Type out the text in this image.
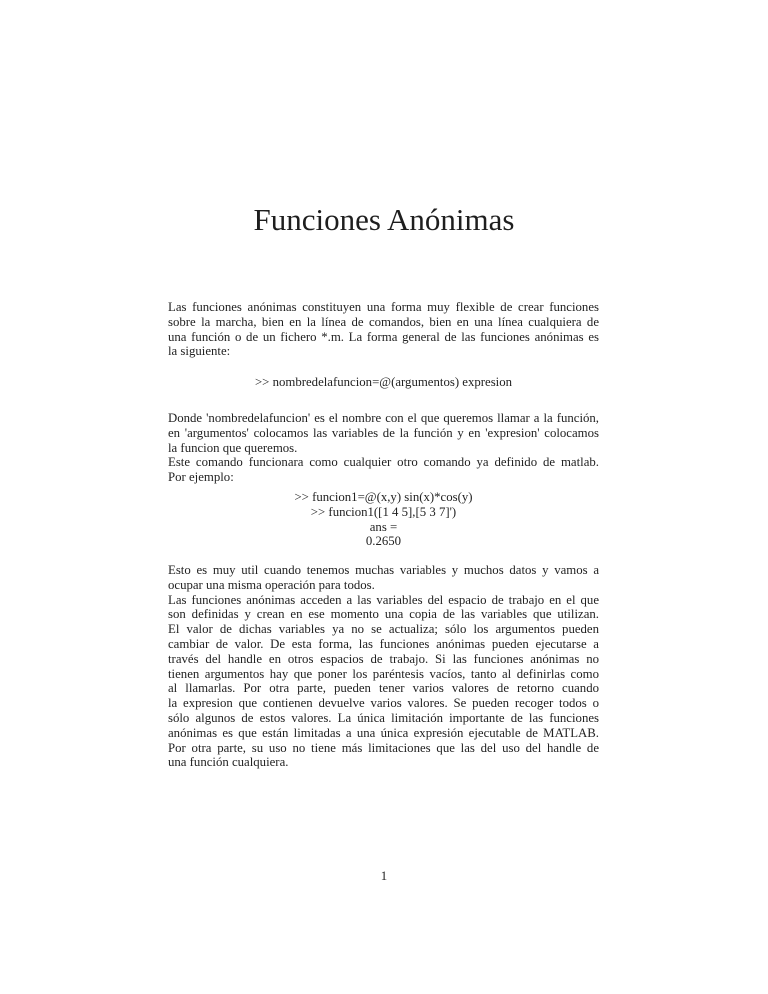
Funciones Anónimas
Las funciones anónimas constituyen una forma muy flexible de crear funciones
sobre la marcha, bien en la línea de comandos, bien en una línea cualquiera de
una función o de un fichero *.m. La forma general de las funciones anónimas es
la siguiente:
>> nombredelafuncion=@(argumentos) expresion
Donde 'nombredelafuncion' es el nombre con el que queremos llamar a la función,
en 'argumentos' colocamos las variables de la función y en 'expresion' colocamos
la funcion que queremos.
Este comando funcionara como cualquier otro comando ya definido de matlab.
Por ejemplo:
>> funcion1=@(x,y) sin(x)*cos(y)
>> funcion1([1 4 5],[5 3 7]')
ans =
0.2650
Esto es muy util cuando tenemos muchas variables y muchos datos y vamos a
ocupar una misma operación para todos.
Las funciones anónimas acceden a las variables del espacio de trabajo en el que
son definidas y crean en ese momento una copia de las variables que utilizan.
El valor de dichas variables ya no se actualiza; sólo los argumentos pueden
cambiar de valor. De esta forma, las funciones anónimas pueden ejecutarse a
través del handle en otros espacios de trabajo. Si las funciones anónimas no
tienen argumentos hay que poner los paréntesis vacíos, tanto al definirlas como
al llamarlas. Por otra parte, pueden tener varios valores de retorno cuando
la expresion que contienen devuelve varios valores. Se pueden recoger todos o
sólo algunos de estos valores. La única limitación importante de las funciones
anónimas es que están limitadas a una única expresión ejecutable de MATLAB.
Por otra parte, su uso no tiene más limitaciones que las del uso del handle de
una función cualquiera.
1
